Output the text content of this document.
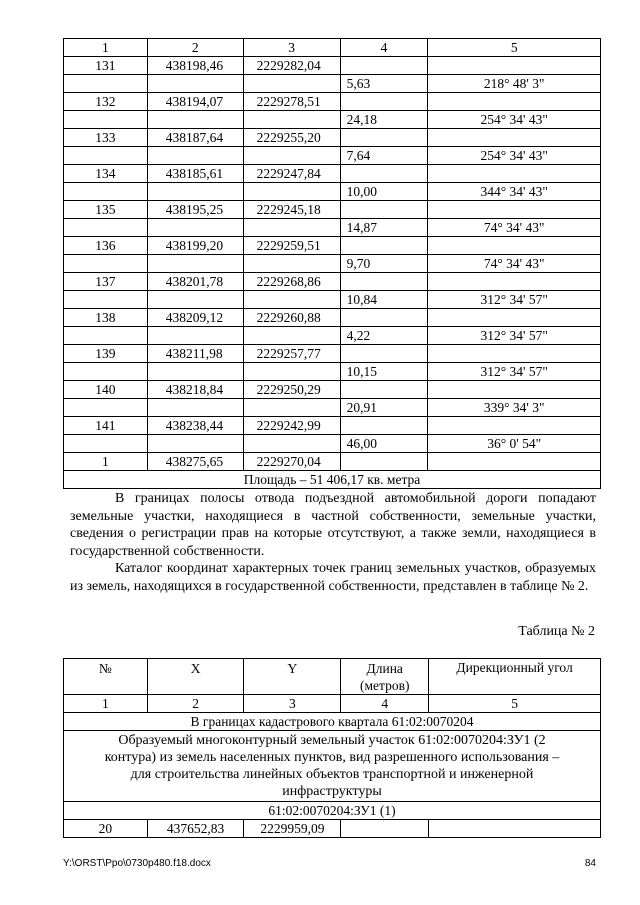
1	2	3	4	5
131	438198,46	2229282,04		
			5,63	218° 48' 3"
132	438194,07	2229278,51		
			24,18	254° 34' 43"
133	438187,64	2229255,20		
			7,64	254° 34' 43"
134	438185,61	2229247,84		
			10,00	344° 34' 43"
135	438195,25	2229245,18		
			14,87	74° 34' 43"
136	438199,20	2229259,51		
			9,70	74° 34' 43"
137	438201,78	2229268,86		
			10,84	312° 34' 57"
138	438209,12	2229260,88		
			4,22	312° 34' 57"
139	438211,98	2229257,77		
			10,15	312° 34' 57"
140	438218,84	2229250,29		
			20,91	339° 34' 3"
141	438238,44	2229242,99		
			46,00	36° 0' 54"
1	438275,65	2229270,04		
Площадь – 51 406,17 кв. метра				

В границах полосы отвода подъездной автомобильной дороги попадают земельные участки, находящиеся в частной собственности, земельные участки, сведения о регистрации прав на которые отсутствуют, а также земли, находящиеся в государственной собственности.

Каталог координат характерных точек границ земельных участков, образуемых из земель, находящихся в государственной собственности, представлен в таблице № 2.

Таблица № 2
№	X	Y	Длина (метров)	Дирекционный угол
1	2	3	4	5
В границах кадастрового квартала 61:02:0070204				
Образуемый многоконтурный земельный участок 61:02:0070204:ЗУ1 (2 контура) из земель населенных пунктов, вид разрешенного использования – для строительства линейных объектов транспортной и инженерной инфраструктуры				
61:02:0070204:ЗУ1 (1)				
20	437652,83	2229959,09		
Y:\ORST\Ppo\0730p480.f18.docx	84
